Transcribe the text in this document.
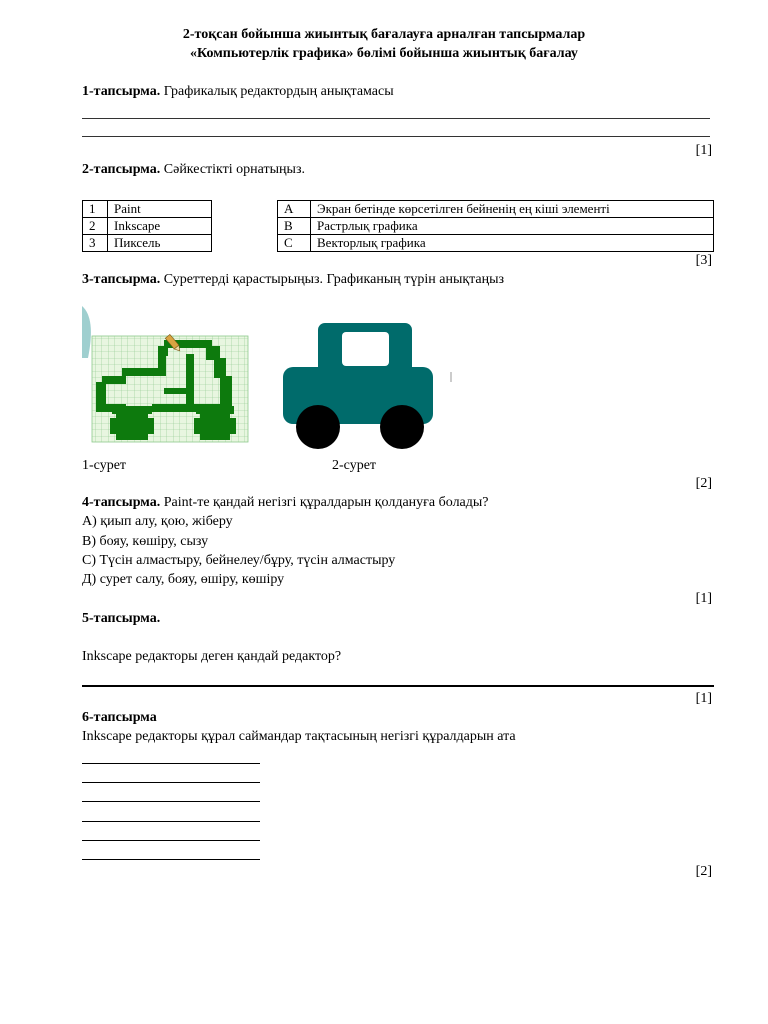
2-тоқсан бойынша жиынтық бағалауға арналған тапсырмалар
«Компьютерлік графика» бөлімі бойынша жиынтық бағалау
1-тапсырма. Графикалық редактордың анықтамасы
[1]
2-тапсырма. Сәйкестікті орнатыңыз.
1	Paint
2	Inkscape
3	Пиксель
A	Экран бетінде көрсетілген бейненің ең кіші элементі
B	Растрлық графика
C	Векторлық графика
[3]
3-тапсырма. Суреттерді қарастырыңыз. Графиканың түрін анықтаңыз
1-сурет	2-сурет
[2]
4-тапсырма. Paint-те қандай негізгі құралдарын қолдануға болады?
А) қиып алу, қою, жіберу
В) бояу, көшіру, сызу
С) Түсін алмастыру, бейнелеу/бұру, түсін алмастыру
Д) сурет салу, бояу, өшіру, көшіру
[1]
5-тапсырма.
Inkscape редакторы деген қандай редактор?
[1]
6-тапсырма
Inkscape редакторы құрал саймандар тақтасының негізгі құралдарын ата
[2]
